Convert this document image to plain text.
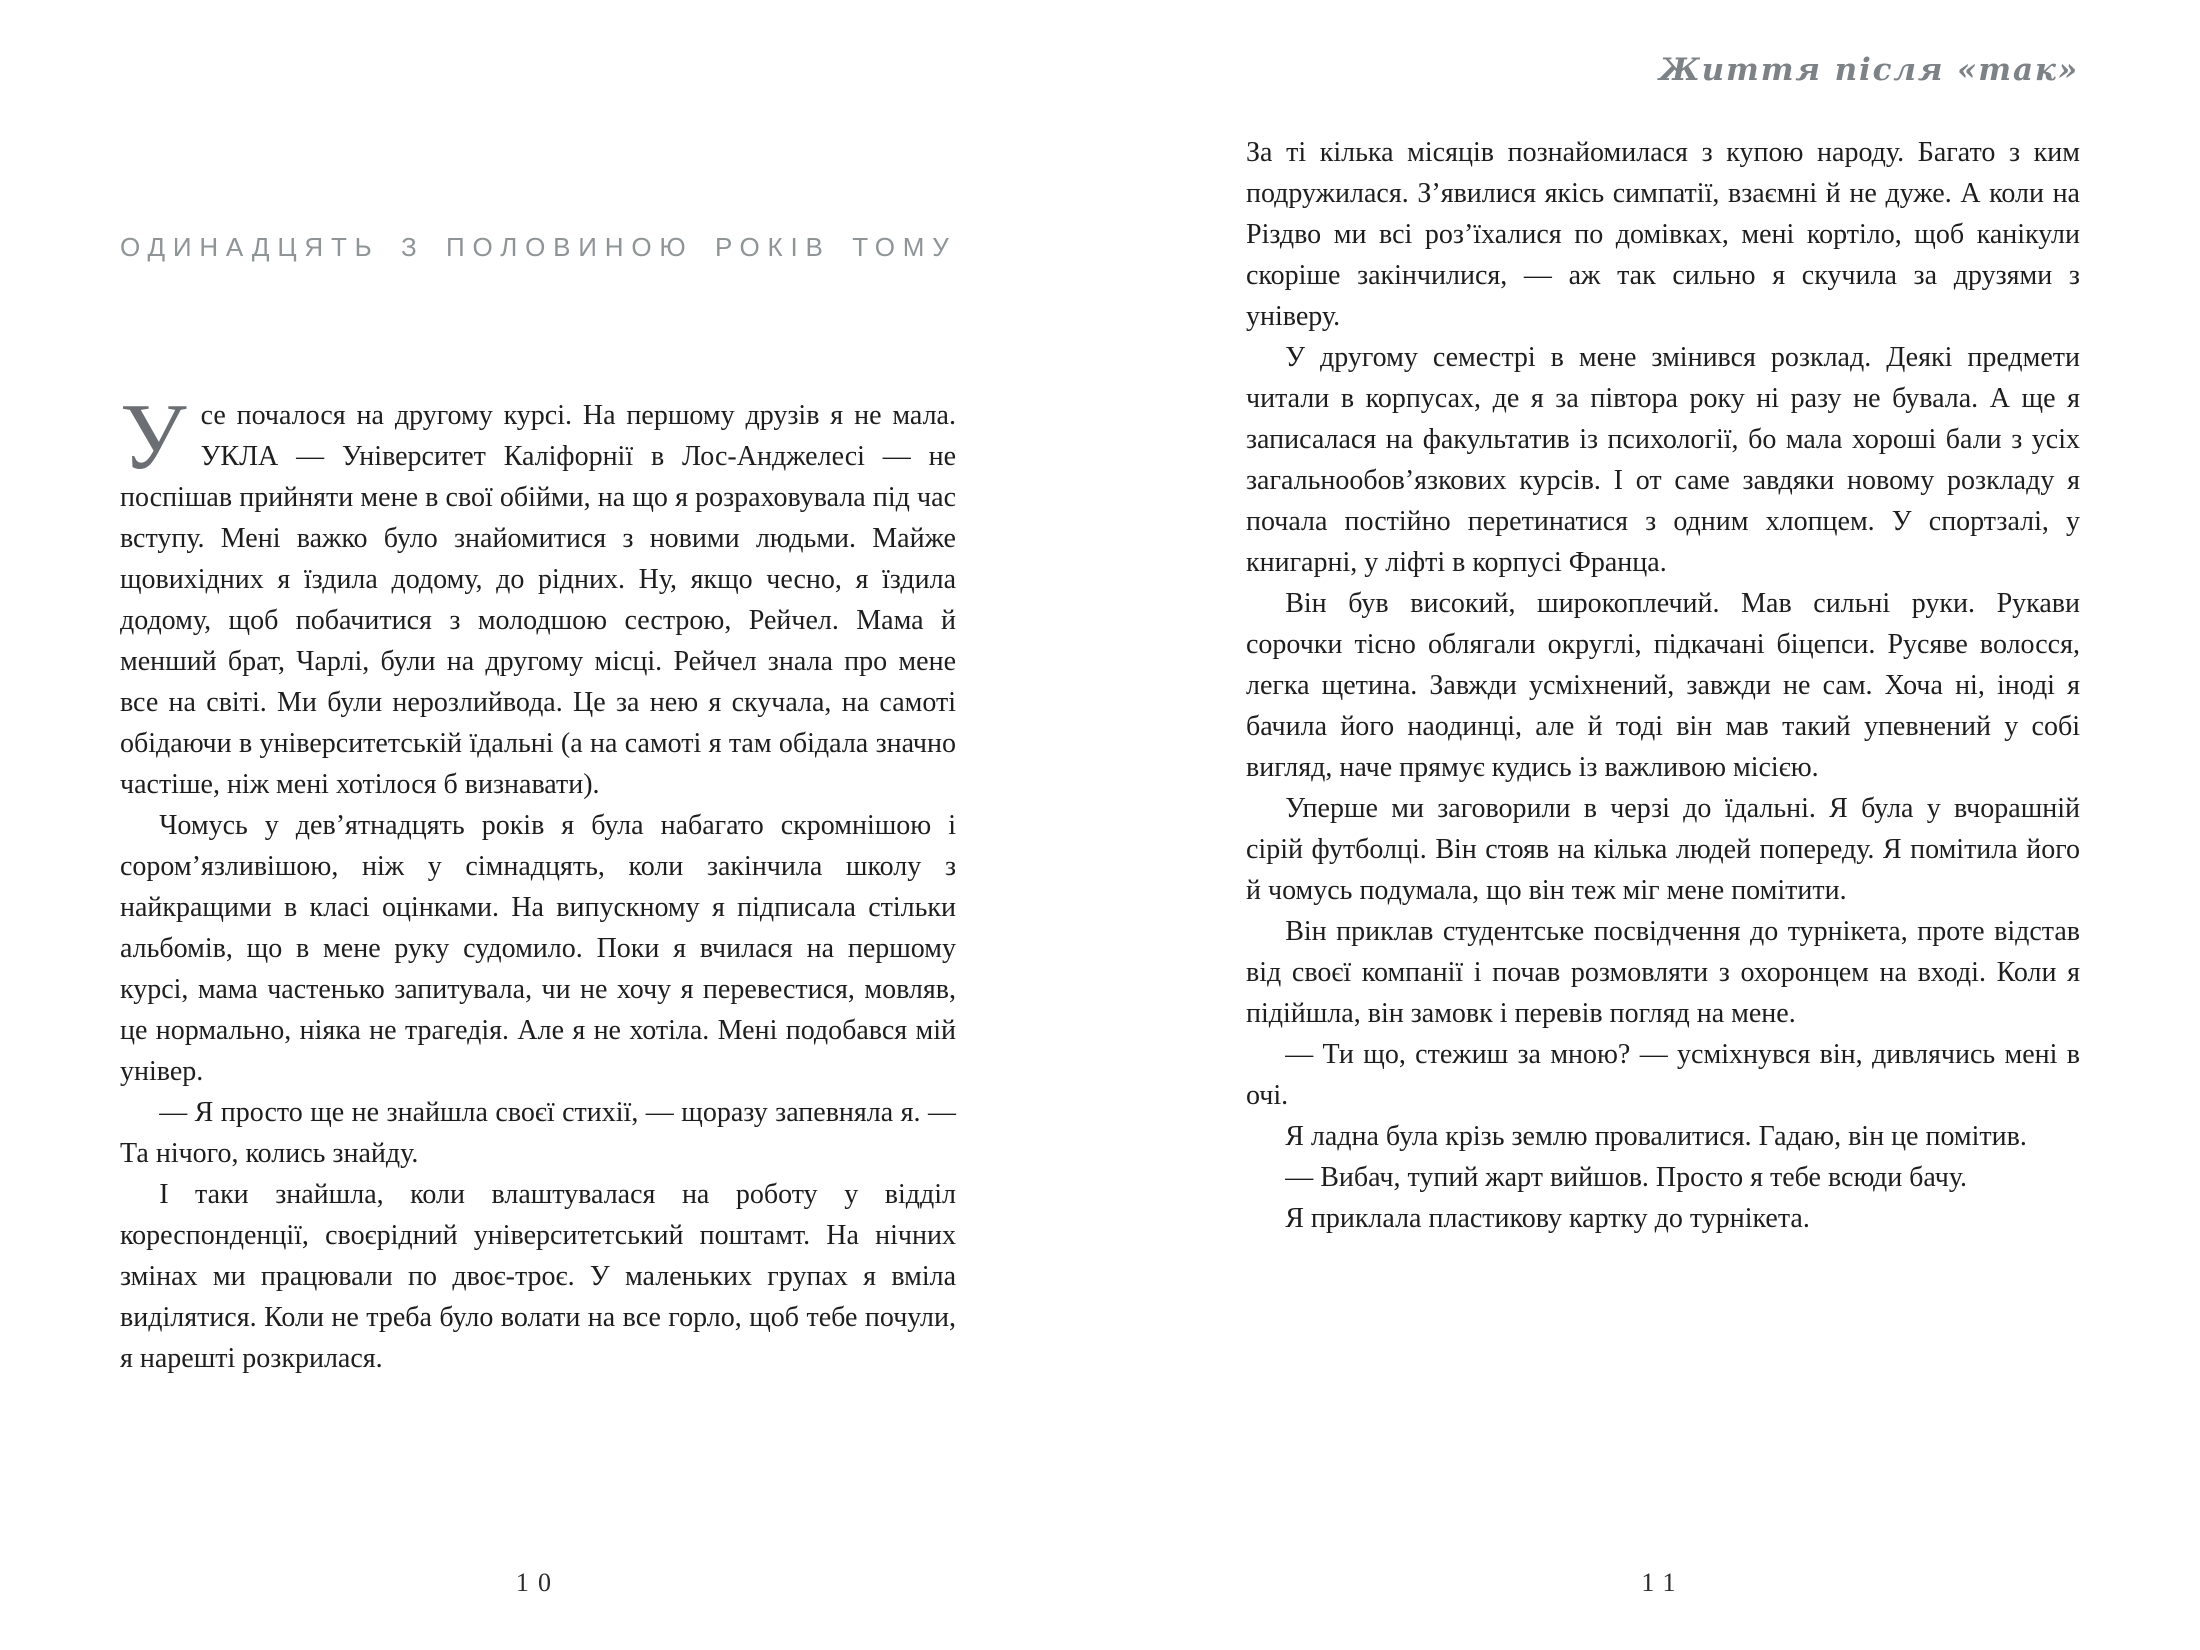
ОДИНАДЦЯТЬ З ПОЛОВИНОЮ РОКІВ ТОМУ

Усе почалося на другому курсі. На першому друзів я не мала. УКЛА — Університет Каліфорнії в Лос-Анджелесі — не поспішав прийняти мене в свої обійми, на що я розраховувала під час вступу. Мені важко було знайомитися з новими людьми. Майже щовихідних я їздила додому, до рідних. Ну, якщо чесно, я їздила додому, щоб побачитися з молодшою сестрою, Рейчел. Мама й менший брат, Чарлі, були на другому місці. Рейчел знала про мене все на світі. Ми були нерозлийвода. Це за нею я скучала, на самоті обідаючи в університетській їдальні (а на самоті я там обідала значно частіше, ніж мені хотілося б визнавати).

Чомусь у дев’ятнадцять років я була набагато скромнішою і сором’язливішою, ніж у сімнадцять, коли закінчила школу з найкращими в класі оцінками. На випускному я підписала стільки альбомів, що в мене руку судомило. Поки я вчилася на першому курсі, мама частенько запитувала, чи не хочу я перевестися, мовляв, це нормально, ніяка не трагедія. Але я не хотіла. Мені подобався мій універ.

— Я просто ще не знайшла своєї стихії, — щоразу запевняла я. — Та нічого, колись знайду.

І таки знайшла, коли влаштувалася на роботу у відділ кореспонденції, своєрідний університетський поштамт. На нічних змінах ми працювали по двоє-троє. У маленьких групах я вміла виділятися. Коли не треба було волати на все горло, щоб тебе почули, я нарешті розкрилася.

10
Життя після «так»

За ті кілька місяців познайомилася з купою народу. Багато з ким подружилася. З’явилися якісь симпатії, взаємні й не дуже. А коли на Різдво ми всі роз’їхалися по домівках, мені кортіло, щоб канікули скоріше закінчилися, — аж так сильно я скучила за друзями з універу.

У другому семестрі в мене змінився розклад. Деякі предмети читали в корпусах, де я за півтора року ні разу не бувала. А ще я записалася на факультатив із психології, бо мала хороші бали з усіх загальнообов’язкових курсів. І от саме завдяки новому розкладу я почала постійно перетинатися з одним хлопцем. У спортзалі, у книгарні, у ліфті в корпусі Франца.

Він був високий, широкоплечий. Мав сильні руки. Рукави сорочки тісно облягали округлі, підкачані біцепси. Русяве волосся, легка щетина. Завжди усміхнений, завжди не сам. Хоча ні, іноді я бачила його наодинці, але й тоді він мав такий упевнений у собі вигляд, наче прямує кудись із важливою місією.

Уперше ми заговорили в черзі до їдальні. Я була у вчорашній сірій футболці. Він стояв на кілька людей попереду. Я помітила його й чомусь подумала, що він теж міг мене помітити.

Він приклав студентське посвідчення до турнікета, проте відстав від своєї компанії і почав розмовляти з охоронцем на вході. Коли я підійшла, він замовк і перевів погляд на мене.

— Ти що, стежиш за мною? — усміхнувся він, дивлячись мені в очі.

Я ладна була крізь землю провалитися. Гадаю, він це помітив.

— Вибач, тупий жарт вийшов. Просто я тебе всюди бачу.

Я приклала пластикову картку до турнікета.

11
